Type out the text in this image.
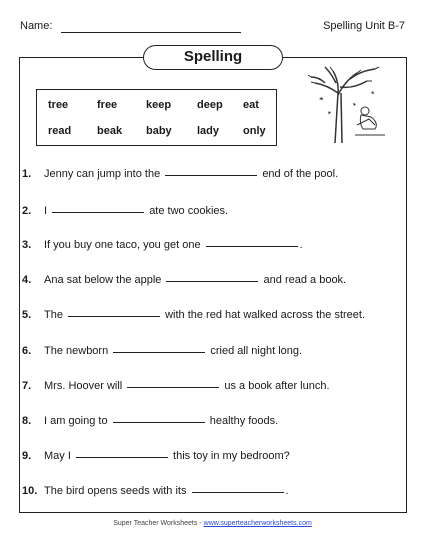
Name:	Spelling Unit B-7
Spelling
tree	free	keep deep eat
read beak baby lady only
1. Jenny can jump into the	end of the pool.
2. I	ate two cookies.
3. If you buy one taco, you get one	.
4. Ana sat below the apple	and read a book.
5. The	with the red hat walked across the street.
6. The newborn	cried all night long.
7. Mrs. Hoover will	us a book after lunch.
8. I am going to	healthy foods.
9. May I	this toy in my bedroom?
10. The bird opens seeds with its	.
Super Teacher Worksheets - www.superteacherworksheets.com
